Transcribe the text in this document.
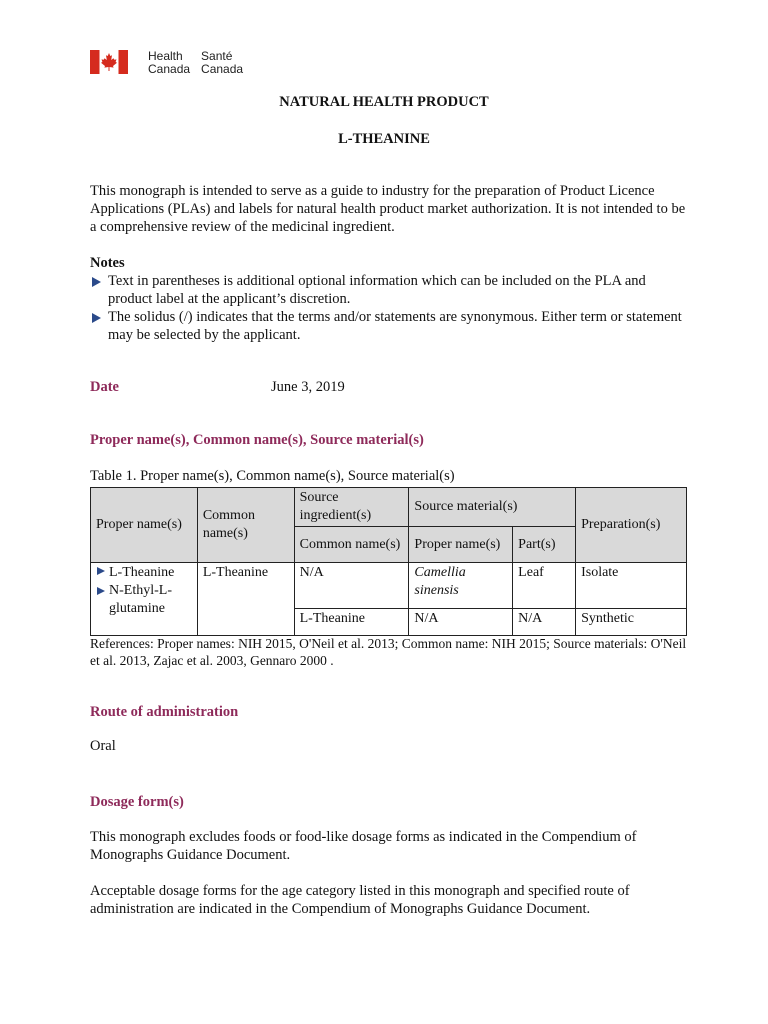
Health
Canada
Santé
Canada
NATURAL HEALTH PRODUCT
L-THEANINE
This monograph is intended to serve as a guide to industry for the preparation of Product Licence Applications (PLAs) and labels for natural health product market authorization. It is not intended to be a comprehensive review of the medicinal ingredient.
Notes
Text in parentheses is additional optional information which can be included on the PLA and product label at the applicant’s discretion.
The solidus (/) indicates that the terms and/or statements are synonymous. Either term or statement may be selected by the applicant.
Date	June 3, 2019
Proper name(s), Common name(s), Source material(s)
Table 1. Proper name(s), Common name(s), Source material(s)
Proper name(s)	Common name(s)	Source ingredient(s)	Source material(s)		Preparation(s)
		Common name(s)	Proper name(s)	Part(s)	

L-Theanine
N-Ethyl-L-glutamine	L-Theanine	N/A	Camellia sinensis	Leaf	Isolate
		L-Theanine	N/A	N/A	Synthetic
References: Proper names: NIH 2015, O'Neil et al. 2013; Common name: NIH 2015; Source materials: O'Neil et al. 2013, Zajac et al. 2003, Gennaro 2000 .
Route of administration
Oral
Dosage form(s)
This monograph excludes foods or food-like dosage forms as indicated in the Compendium of Monographs Guidance Document.
Acceptable dosage forms for the age category listed in this monograph and specified route of administration are indicated in the Compendium of Monographs Guidance Document.
